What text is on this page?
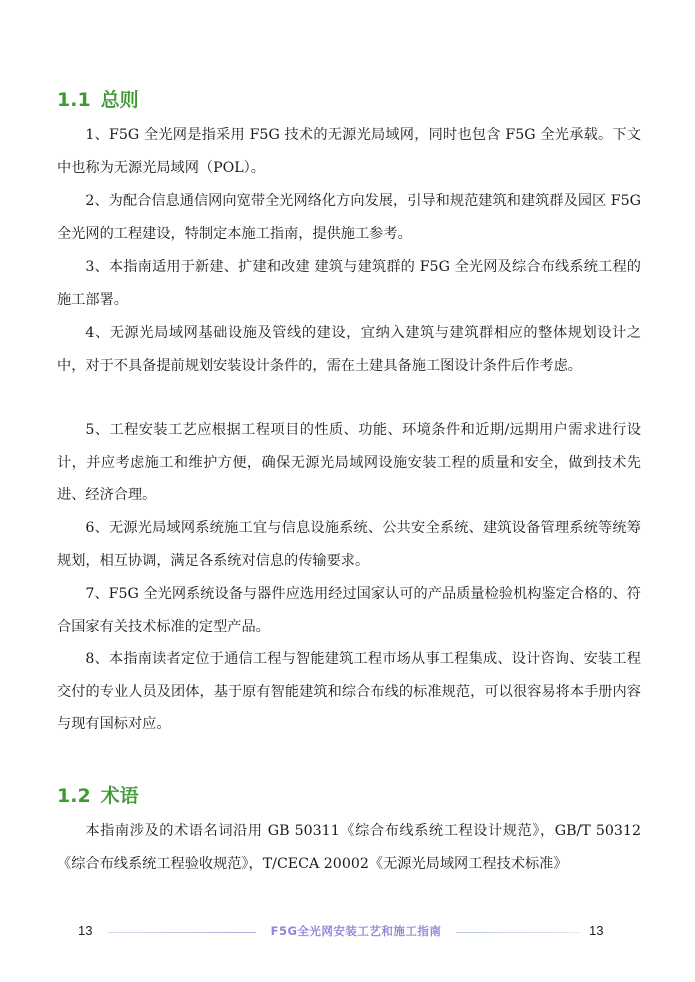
1.1 总则

1、F5G 全光网是指采用 F5G 技术的无源光局域网，同时也包含 F5G 全光承载。下文中也称为无源光局域网（POL）。

2、为配合信息通信网向宽带全光网络化方向发展，引导和规范建筑和建筑群及园区 F5G 全光网的工程建设，特制定本施工指南，提供施工参考。

3、本指南适用于新建、扩建和改建 建筑与建筑群的 F5G 全光网及综合布线系统工程的施工部署。

4、无源光局域网基础设施及管线的建设，宜纳入建筑与建筑群相应的整体规划设计之中，对于不具备提前规划安装设计条件的，需在土建具备施工图设计条件后作考虑。

5、工程安装工艺应根据工程项目的性质、功能、环境条件和近期/远期用户需求进行设计，并应考虑施工和维护方便，确保无源光局域网设施安装工程的质量和安全，做到技术先进、经济合理。

6、无源光局域网系统施工宜与信息设施系统、公共安全系统、建筑设备管理系统等统筹规划，相互协调，满足各系统对信息的传输要求。

7、F5G 全光网系统设备与器件应选用经过国家认可的产品质量检验机构鉴定合格的、符合国家有关技术标准的定型产品。

8、本指南读者定位于通信工程与智能建筑工程市场从事工程集成、设计咨询、安装工程交付的专业人员及团体，基于原有智能建筑和综合布线的标准规范，可以很容易将本手册内容与现有国标对应。

1.2 术语

本指南涉及的术语名词沿用 GB 50311《综合布线系统工程设计规范》，GB/T 50312《综合布线系统工程验收规范》，T/CECA 20002《无源光局域网工程技术标准》

13	F5G全光网安装工艺和施工指南	13
